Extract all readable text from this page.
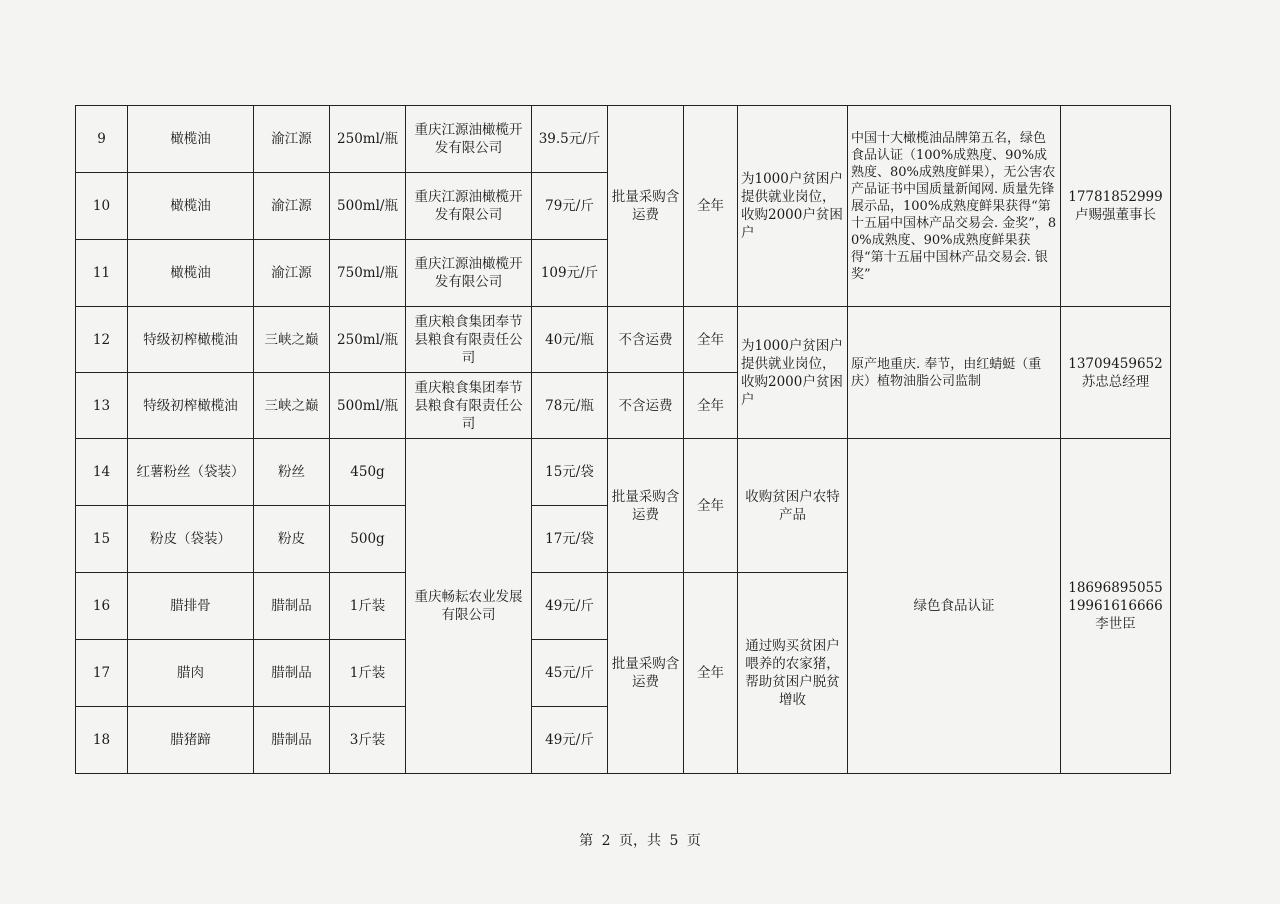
9	橄榄油	渝江源	250ml/瓶	重庆江源油橄榄开发有限公司	39.5元/斤	批量采购含运费	全年	为1000户贫困户提供就业岗位，收购2000户贫困户	中国十大橄榄油品牌第五名，绿色食品认证（100%成熟度、90%成熟度、80%成熟度鲜果），无公害农产品证书中国质量新闻网. 质量先锋展示品，100%成熟度鲜果获得“第十五届中国林产品交易会. 金奖”，80%成熟度、90%成熟度鲜果获得“第十五届中国林产品交易会. 银奖”	17781852999
卢赐强董事长

10	橄榄油	渝江源	500ml/瓶	重庆江源油橄榄开发有限公司	79元/斤					
11	橄榄油	渝江源	750ml/瓶	重庆江源油橄榄开发有限公司	109元/斤					
12	特级初榨橄榄油	三峡之巅	250ml/瓶	重庆粮食集团奉节县粮食有限责任公司	40元/瓶	不含运费	全年	为1000户贫困户提供就业岗位，收购2000户贫困户	原产地重庆. 奉节，由红蜻蜓（重庆）植物油脂公司监制	13709459652
苏忠总经理

13	特级初榨橄榄油	三峡之巅	500ml/瓶	重庆粮食集团奉节县粮食有限责任公司	78元/瓶	不含运费	全年			
14	红薯粉丝（袋装）	粉丝	450g	重庆畅耘农业发展有限公司	15元/袋	批量采购含运费	全年	收购贫困户农特产品	绿色食品认证	18696895055
19961616666
李世臣

15	粉皮（袋装）	粉皮	500g		17元/袋					
16	腊排骨	腊制品	1斤装		49元/斤	批量采购含运费	全年	通过购买贫困户喂养的农家猪，帮助贫困户脱贫增收		
17	腊肉	腊制品	1斤装		45元/斤					
18	腊猪蹄	腊制品	3斤装		49元/斤					
第 2 页，共 5 页
